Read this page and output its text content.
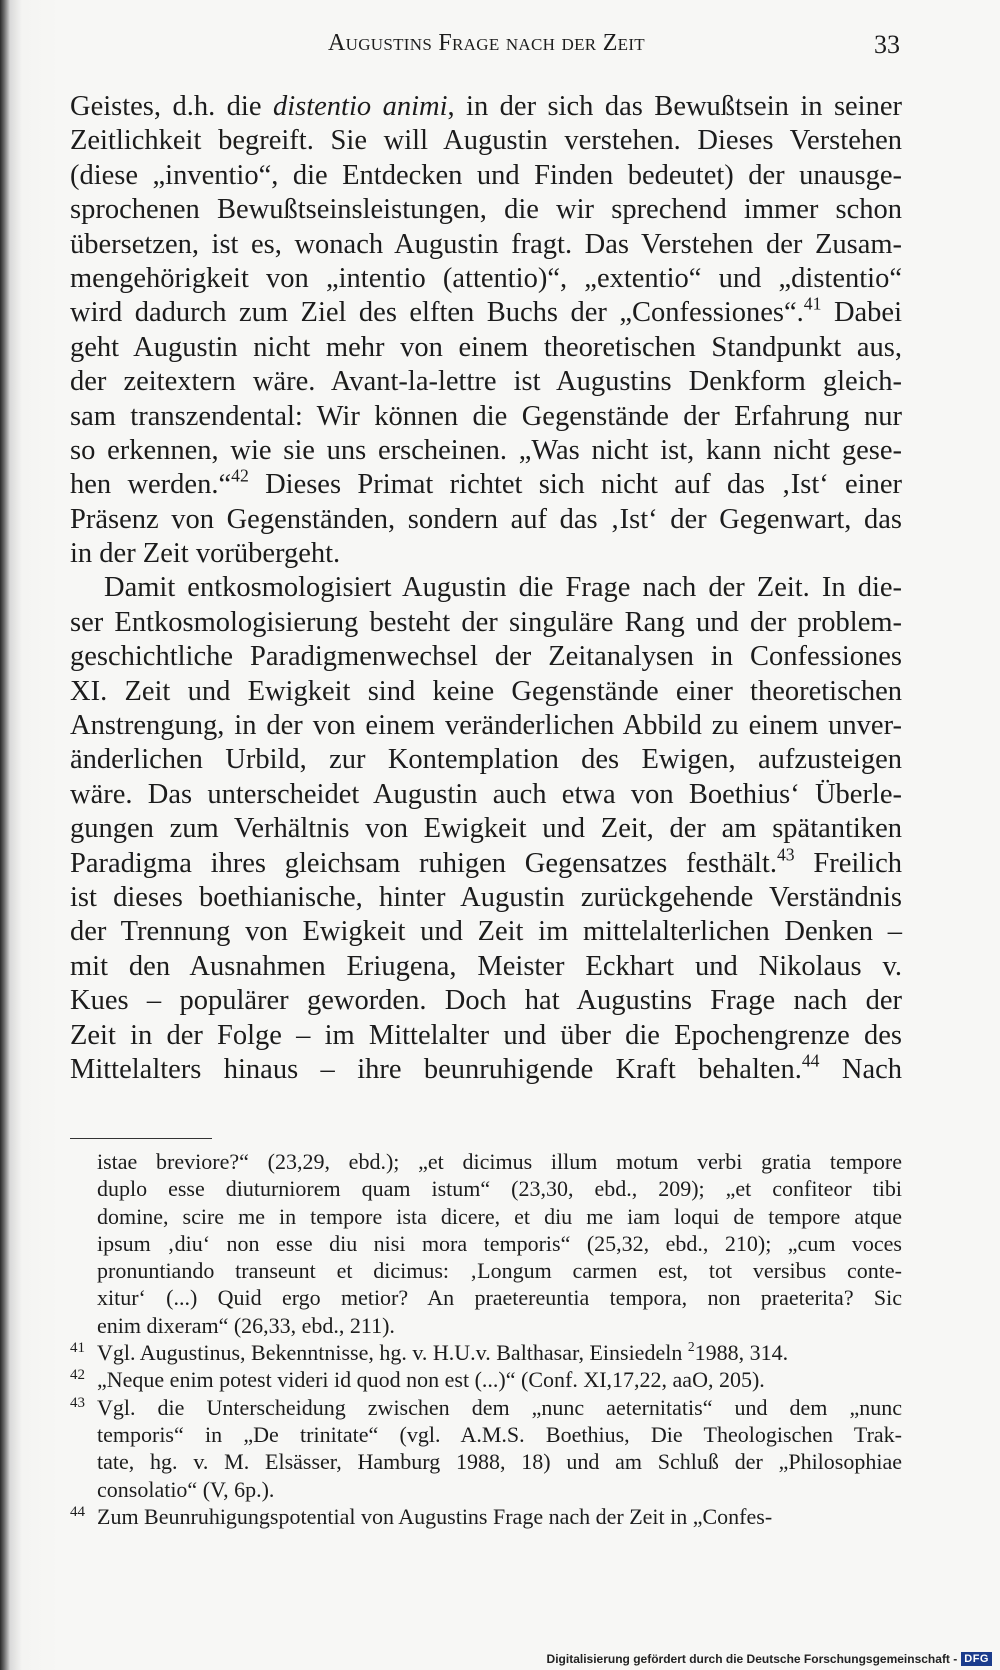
Augustins Frage nach der Zeit	33
Geistes, d.h. die distentio animi, in der sich das Bewußtsein in seiner
Zeitlichkeit begreift. Sie will Augustin verstehen. Dieses Verstehen
(diese „inventio“, die Entdecken und Finden bedeutet) der unausge-
sprochenen Bewußtseinsleistungen, die wir sprechend immer schon
übersetzen, ist es, wonach Augustin fragt. Das Verstehen der Zusam-
mengehörigkeit von „intentio (attentio)“, „extentio“ und „distentio“
wird dadurch zum Ziel des elften Buchs der „Confessiones“.$^{41}$ Dabei
geht Augustin nicht mehr von einem theoretischen Standpunkt aus,
der zeitextern wäre. Avant-la-lettre ist Augustins Denkform gleich-
sam transzendental: Wir können die Gegenstände der Erfahrung nur
so erkennen, wie sie uns erscheinen. „Was nicht ist, kann nicht gese-
hen werden.“$^{42}$ Dieses Primat richtet sich nicht auf das ‚Ist‘ einer
Präsenz von Gegenständen, sondern auf das ‚Ist‘ der Gegenwart, das
in der Zeit vorübergeht.
Damit entkosmologisiert Augustin die Frage nach der Zeit. In die-
ser Entkosmologisierung besteht der singuläre Rang und der problem-
geschichtliche Paradigmenwechsel der Zeitanalysen in Confessiones
XI. Zeit und Ewigkeit sind keine Gegenstände einer theoretischen
Anstrengung, in der von einem veränderlichen Abbild zu einem unver-
änderlichen Urbild, zur Kontemplation des Ewigen, aufzusteigen
wäre. Das unterscheidet Augustin auch etwa von Boethius‘ Überle-
gungen zum Verhältnis von Ewigkeit und Zeit, der am spätantiken
Paradigma ihres gleichsam ruhigen Gegensatzes festhält.$^{43}$ Freilich
ist dieses boethianische, hinter Augustin zurückgehende Verständnis
der Trennung von Ewigkeit und Zeit im mittelalterlichen Denken –
mit den Ausnahmen Eriugena, Meister Eckhart und Nikolaus v.
Kues – populärer geworden. Doch hat Augustins Frage nach der
Zeit in der Folge – im Mittelalter und über die Epochengrenze des
Mittelalters hinaus – ihre beunruhigende Kraft behalten.$^{44}$ Nach
istae breviore?“ (23,29, ebd.); „et dicimus illum motum verbi gratia tempore
duplo esse diuturniorem quam istum“ (23,30, ebd., 209); „et confiteor tibi
domine, scire me in tempore ista dicere, et diu me iam loqui de tempore atque
ipsum ‚diu‘ non esse diu nisi mora temporis“ (25,32, ebd., 210); „cum voces
pronuntiando transeunt et dicimus: ‚Longum carmen est, tot versibus conte-
xitur‘ (...) Quid ergo metior? An praetereuntia tempora, non praeterita? Sic
enim dixeram“ (26,33, ebd., 211).
41 Vgl. Augustinus, Bekenntnisse, hg. v. H.U.v. Balthasar, Einsiedeln $^2$1988, 314.
42 „Neque enim potest videri id quod non est (...)“ (Conf. XI,17,22, aaO, 205).
43 Vgl. die Unterscheidung zwischen dem „nunc aeternitatis“ und dem „nunc
temporis“ in „De trinitate“ (vgl. A.M.S. Boethius, Die Theologischen Trak-
tate, hg. v. M. Elsässer, Hamburg 1988, 18) und am Schluß der „Philosophiae
consolatio“ (V, 6p.).
44 Zum Beunruhigungspotential von Augustins Frage nach der Zeit in „Confes-
Digitalisierung gefördert durch die Deutsche Forschungsgemeinschaft - DFG
